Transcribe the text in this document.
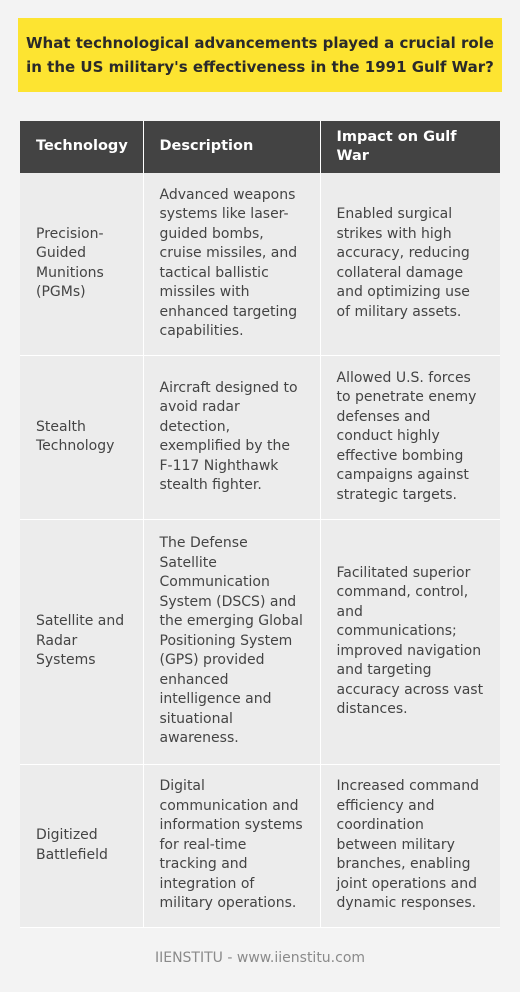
What technological advancements played a crucial role in the US military's effectiveness in the 1991 Gulf War?
Technology	Description	Impact on Gulf War
Precision-Guided Munitions (PGMs)	Advanced weapons systems like laser-guided bombs, cruise missiles, and tactical ballistic missiles with enhanced targeting capabilities.	Enabled surgical strikes with high accuracy, reducing collateral damage and optimizing use of military assets.
Stealth Technology	Aircraft designed to avoid radar detection, exemplified by the F-117 Nighthawk stealth fighter.	Allowed U.S. forces to penetrate enemy defenses and conduct highly effective bombing campaigns against strategic targets.
Satellite and Radar Systems	The Defense Satellite Communication System (DSCS) and the emerging Global Positioning System (GPS) provided enhanced intelligence and situational awareness.	Facilitated superior command, control, and communications; improved navigation and targeting accuracy across vast distances.
Digitized Battlefield	Digital communication and information systems for real-time tracking and integration of military operations.	Increased command efficiency and coordination between military branches, enabling joint operations and dynamic responses.
IIENSTITU - www.iienstitu.com
